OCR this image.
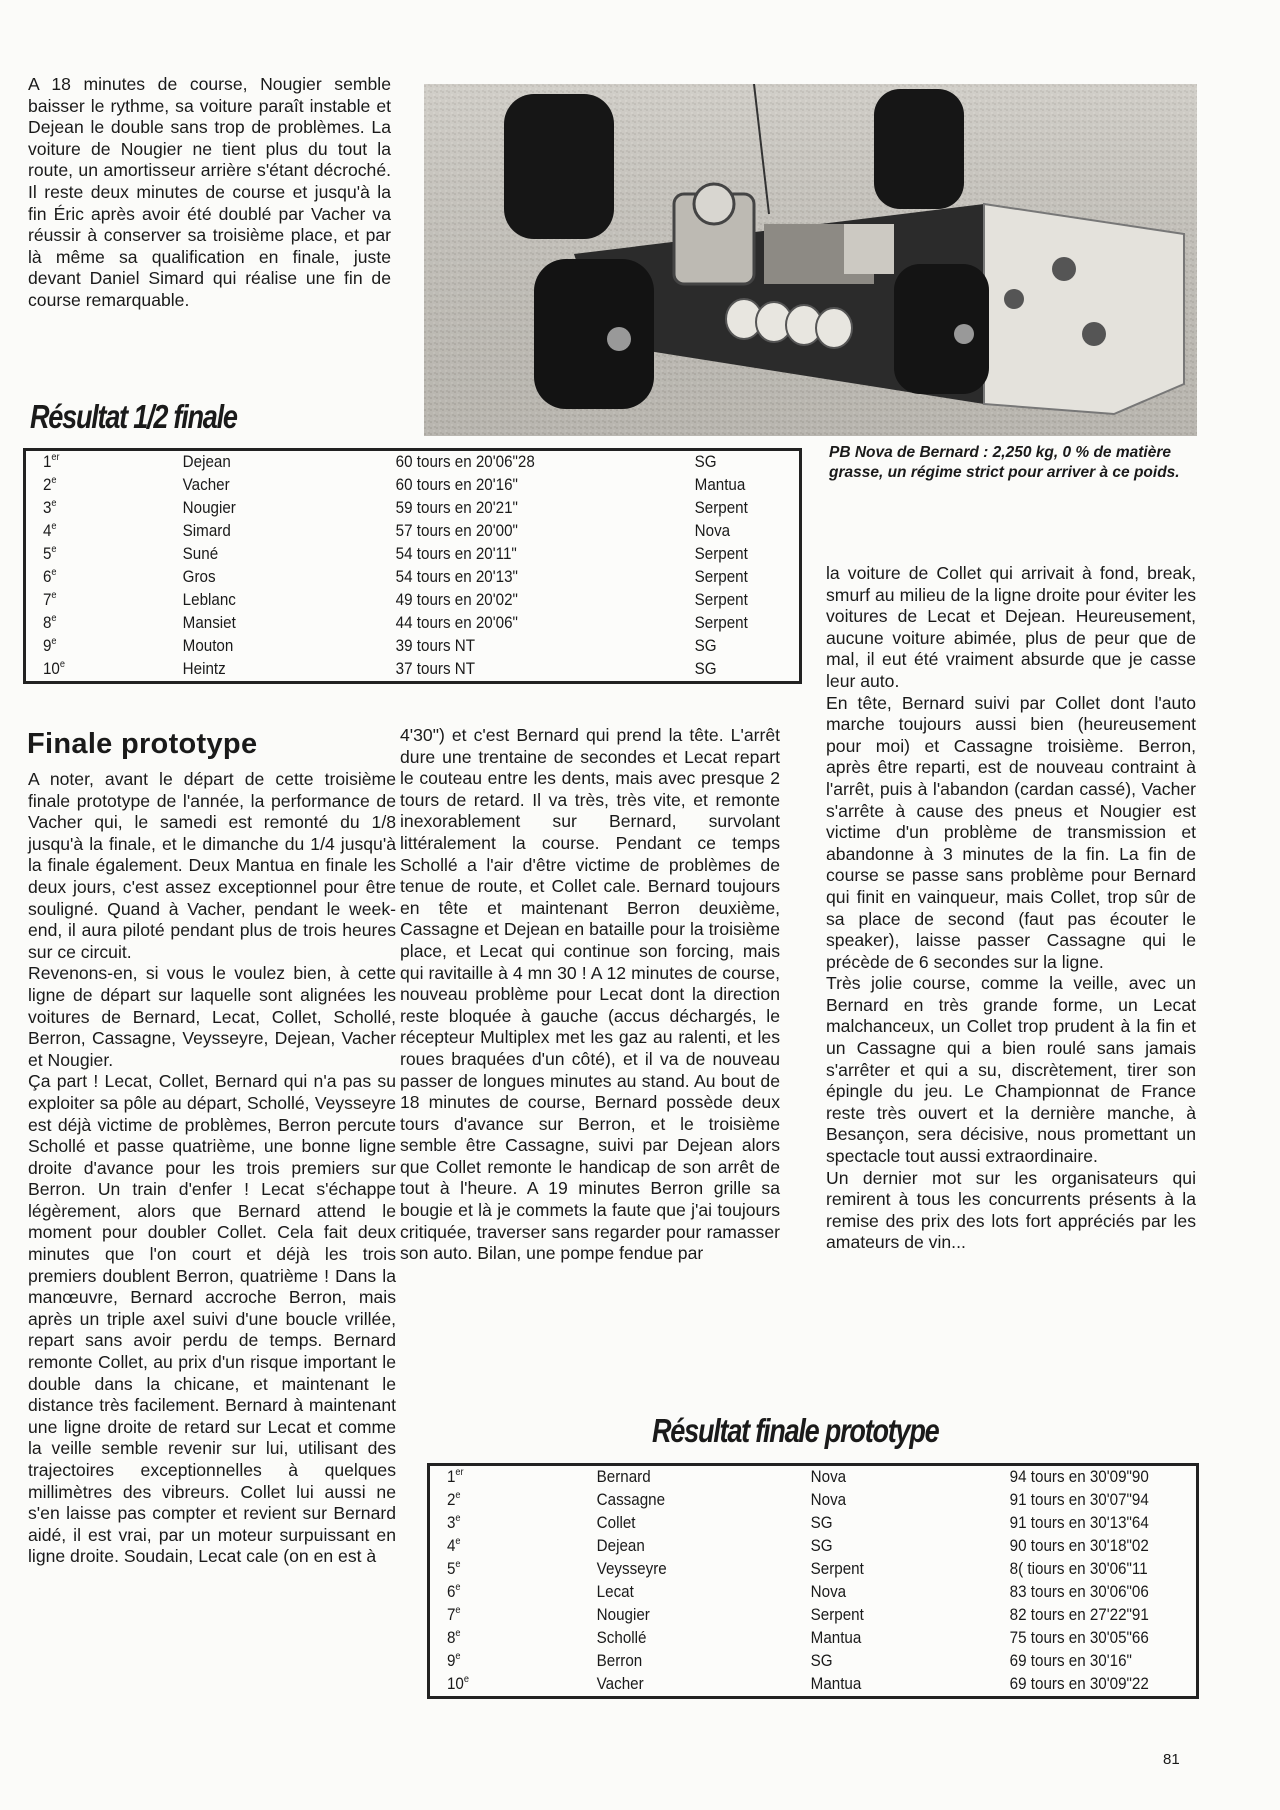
A 18 minutes de course, Nougier semble baisser le rythme, sa voiture paraît instable et Dejean le double sans trop de problèmes. La voiture de Nougier ne tient plus du tout la route, un amortisseur arrière s'étant décroché. Il reste deux minutes de course et jusqu'à la fin Éric après avoir été doublé par Vacher va réussir à conserver sa troisième place, et par là même sa qualification en finale, juste devant Daniel Simard qui réalise une fin de course remarquable.

PB Nova de Bernard : 2,250 kg, 0 % de matière grasse, un régime strict pour arriver à ce poids.
Résultat 1/2 finale
1er	Dejean	60 tours en 20'06"28	SG
2e	Vacher	60 tours en 20'16"	Mantua
3e	Nougier	59 tours en 20'21"	Serpent
4e	Simard	57 tours en 20'00"	Nova
5e	Suné	54 tours en 20'11"	Serpent
6e	Gros	54 tours en 20'13"	Serpent
7e	Leblanc	49 tours en 20'02"	Serpent
8e	Mansiet	44 tours en 20'06"	Serpent
9e	Mouton	39 tours NT	SG
10e	Heintz	37 tours NT	SG
Finale prototype

A noter, avant le départ de cette troisième finale prototype de l'année, la performance de Vacher qui, le samedi est remonté du 1/8 jusqu'à la finale, et le dimanche du 1/4 jusqu'à la finale également. Deux Mantua en finale les deux jours, c'est assez exceptionnel pour être souligné. Quand à Vacher, pendant le week-end, il aura piloté pendant plus de trois heures sur ce circuit.

Revenons-en, si vous le voulez bien, à cette ligne de départ sur laquelle sont alignées les voitures de Bernard, Lecat, Collet, Schollé, Berron, Cassagne, Veysseyre, Dejean, Vacher et Nougier.

Ça part ! Lecat, Collet, Bernard qui n'a pas su exploiter sa pôle au départ, Schollé, Veysseyre est déjà victime de problèmes, Berron percute Schollé et passe quatrième, une bonne ligne droite d'avance pour les trois premiers sur Berron. Un train d'enfer ! Lecat s'échappe légèrement, alors que Bernard attend le moment pour doubler Collet. Cela fait deux minutes que l'on court et déjà les trois premiers doublent Berron, quatrième ! Dans la manœuvre, Bernard accroche Berron, mais après un triple axel suivi d'une boucle vrillée, repart sans avoir perdu de temps. Bernard remonte Collet, au prix d'un risque important le double dans la chicane, et maintenant le distance très facilement. Bernard à maintenant une ligne droite de retard sur Lecat et comme la veille semble revenir sur lui, utilisant des trajectoires exceptionnelles à quelques millimètres des vibreurs. Collet lui aussi ne s'en laisse pas compter et revient sur Bernard aidé, il est vrai, par un moteur surpuissant en ligne droite. Soudain, Lecat cale (on en est à

4'30") et c'est Bernard qui prend la tête. L'arrêt dure une trentaine de secondes et Lecat repart le couteau entre les dents, mais avec presque 2 tours de retard. Il va très, très vite, et remonte inexorablement sur Bernard, survolant littéralement la course. Pendant ce temps Schollé a l'air d'être victime de problèmes de tenue de route, et Collet cale. Bernard toujours en tête et maintenant Berron deuxième, Cassagne et Dejean en bataille pour la troisième place, et Lecat qui continue son forcing, mais qui ravitaille à 4 mn 30 ! A 12 minutes de course, nouveau problème pour Lecat dont la direction reste bloquée à gauche (accus déchargés, le récepteur Multiplex met les gaz au ralenti, et les roues braquées d'un côté), et il va de nouveau passer de longues minutes au stand. Au bout de 18 minutes de course, Bernard possède deux tours d'avance sur Berron, et le troisième semble être Cassagne, suivi par Dejean alors que Collet remonte le handicap de son arrêt de tout à l'heure. A 19 minutes Berron grille sa bougie et là je commets la faute que j'ai toujours critiquée, traverser sans regarder pour ramasser son auto. Bilan, une pompe fendue par

la voiture de Collet qui arrivait à fond, break, smurf au milieu de la ligne droite pour éviter les voitures de Lecat et Dejean. Heureusement, aucune voiture abimée, plus de peur que de mal, il eut été vraiment absurde que je casse leur auto.

En tête, Bernard suivi par Collet dont l'auto marche toujours aussi bien (heureusement pour moi) et Cassagne troisième. Berron, après être reparti, est de nouveau contraint à l'arrêt, puis à l'abandon (cardan cassé), Vacher s'arrête à cause des pneus et Nougier est victime d'un problème de transmission et abandonne à 3 minutes de la fin. La fin de course se passe sans problème pour Bernard qui finit en vainqueur, mais Collet, trop sûr de sa place de second (faut pas écouter le speaker), laisse passer Cassagne qui le précède de 6 secondes sur la ligne.

Très jolie course, comme la veille, avec un Bernard en très grande forme, un Lecat malchanceux, un Collet trop prudent à la fin et un Cassagne qui a bien roulé sans jamais s'arrêter et qui a su, discrètement, tirer son épingle du jeu. Le Championnat de France reste très ouvert et la dernière manche, à Besançon, sera décisive, nous promettant un spectacle tout aussi extraordinaire.

Un dernier mot sur les organisateurs qui remirent à tous les concurrents présents à la remise des prix des lots fort appréciés par les amateurs de vin...

Résultat finale prototype
1er	Bernard	Nova	94 tours en 30'09"90
2e	Cassagne	Nova	91 tours en 30'07"94
3e	Collet	SG	91 tours en 30'13"64
4e	Dejean	SG	90 tours en 30'18"02
5e	Veysseyre	Serpent	8( tiours en 30'06"11
6e	Lecat	Nova	83 tours en 30'06"06
7e	Nougier	Serpent	82 tours en 27'22"91
8e	Schollé	Mantua	75 tours en 30'05"66
9e	Berron	SG	69 tours en 30'16"
10e	Vacher	Mantua	69 tours en 30'09"22
81
